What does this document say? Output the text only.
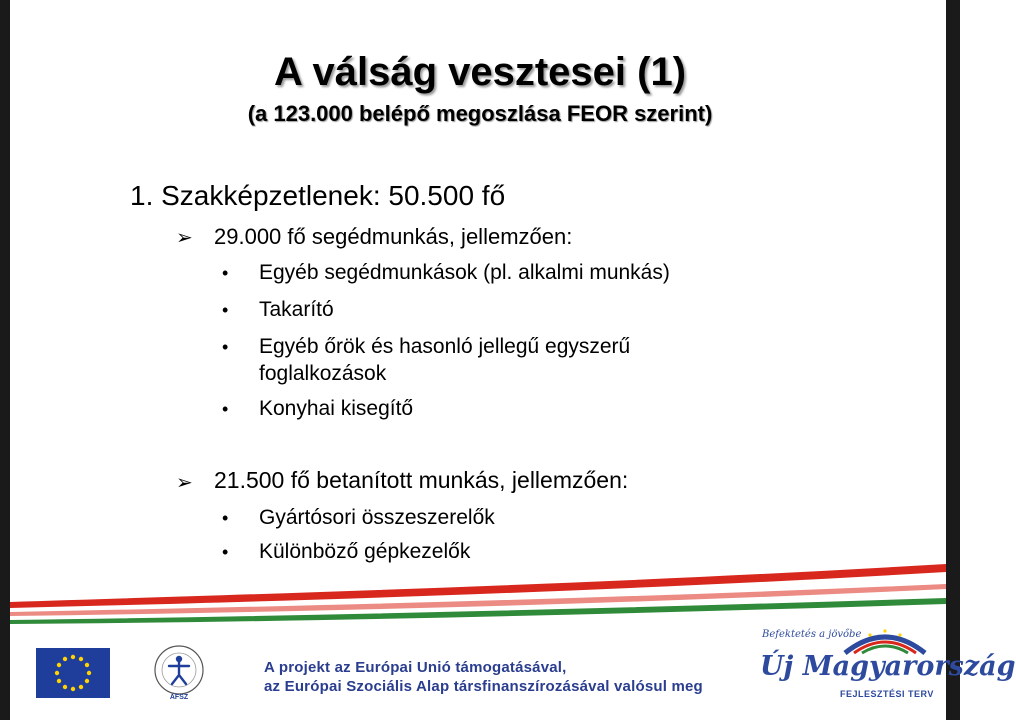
A válság vesztesei (1)
(a 123.000 belépő megoszlása FEOR szerint)
1. Szakképzetlenek: 50.500 fő
➢ 29.000 fő segédmunkás, jellemzően:
• Egyéb segédmunkások (pl. alkalmi munkás)
• Takarító
• Egyéb őrök és hasonló jellegű egyszerű
foglalkozások
• Konyhai kisegítő
➢ 21.500 fő betanított munkás, jellemzően:
• Gyártósori összeszerelők
• Különböző gépkezelők
ÁFSZ
A projekt az Európai Unió támogatásával,
az Európai Szociális Alap társfinanszírozásával valósul meg
Befektetés a jövőbe
Új Magyarország
FEJLESZTÉSI TERV
